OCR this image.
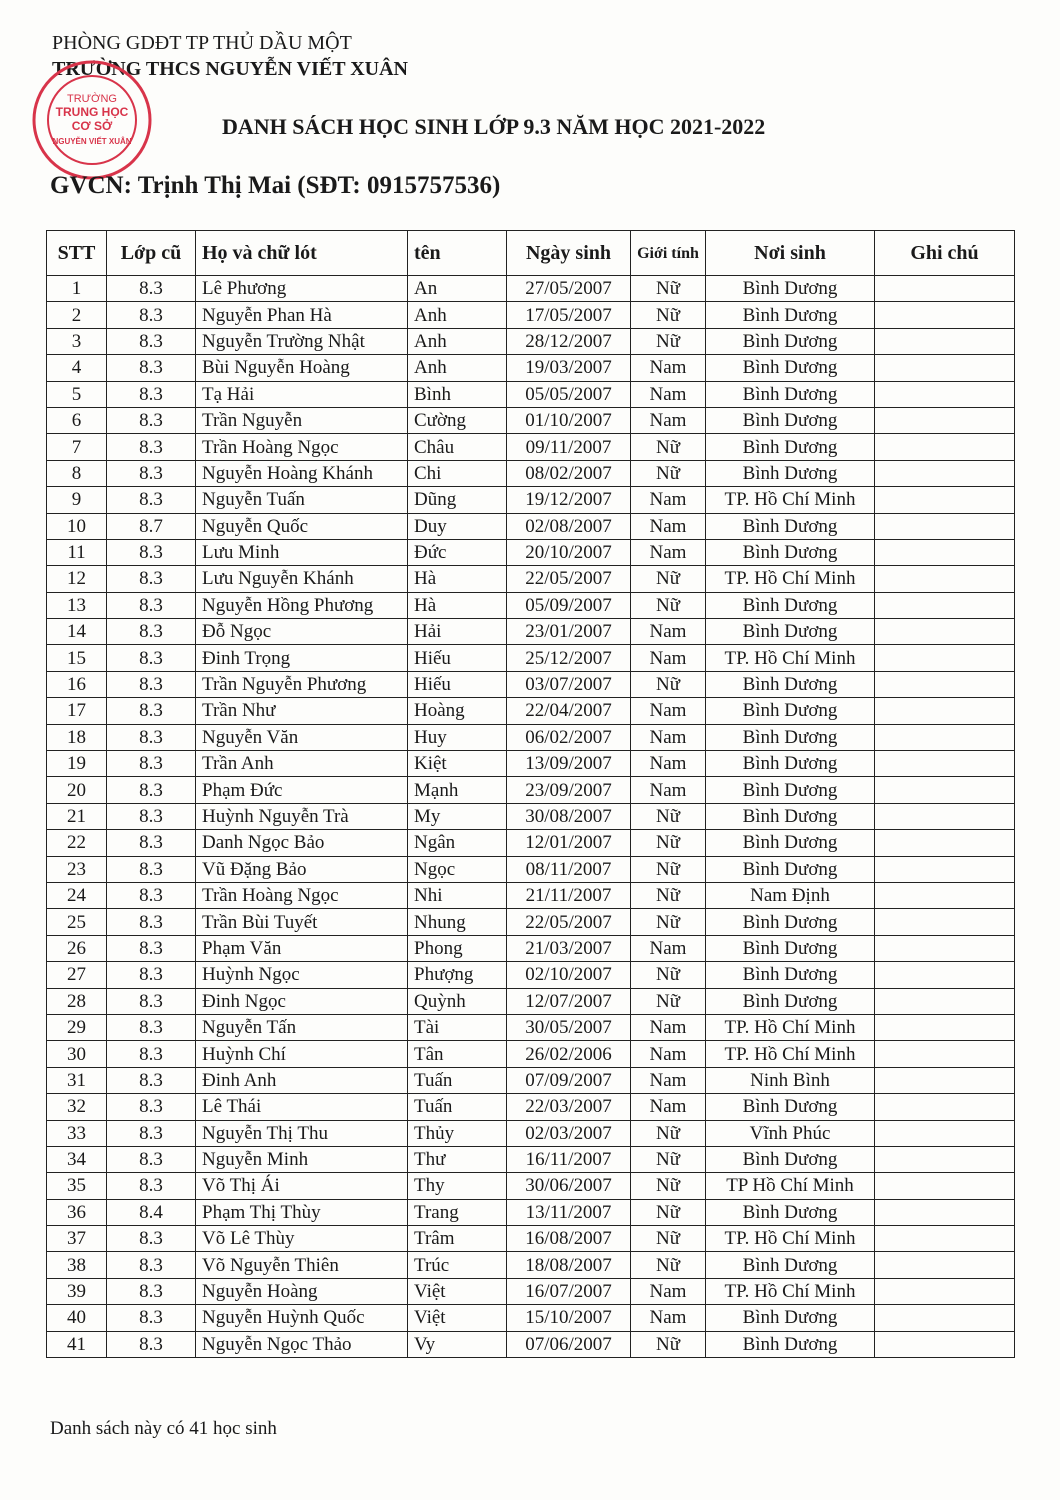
PHÒNG GDĐT TP THỦ DẦU MỘT
TRƯỜNG THCS NGUYỄN VIẾT XUÂN
TRƯỜNG
TRUNG HỌC
CƠ SỞ
NGUYỄN VIẾT XUÂN
DANH SÁCH HỌC SINH LỚP 9.3 NĂM HỌC 2021-2022
GVCN: Trịnh Thị Mai (SĐT: 0915757536)
STT	Lớp cũ	Họ và chữ lót	tên	Ngày sinh	Giới tính	Nơi sinh	Ghi chú
1	8.3	Lê Phương	An	27/05/2007	Nữ	Bình Dương	
2	8.3	Nguyễn Phan Hà	Anh	17/05/2007	Nữ	Bình Dương	
3	8.3	Nguyễn Trường Nhật	Anh	28/12/2007	Nữ	Bình Dương	
4	8.3	Bùi Nguyễn Hoàng	Anh	19/03/2007	Nam	Bình Dương	
5	8.3	Tạ Hải	Bình	05/05/2007	Nam	Bình Dương	
6	8.3	Trần Nguyễn	Cường	01/10/2007	Nam	Bình Dương	
7	8.3	Trần Hoàng Ngọc	Châu	09/11/2007	Nữ	Bình Dương	
8	8.3	Nguyễn Hoàng Khánh	Chi	08/02/2007	Nữ	Bình Dương	
9	8.3	Nguyễn Tuấn	Dũng	19/12/2007	Nam	TP. Hồ Chí Minh	
10	8.7	Nguyễn Quốc	Duy	02/08/2007	Nam	Bình Dương	
11	8.3	Lưu Minh	Đức	20/10/2007	Nam	Bình Dương	
12	8.3	Lưu Nguyễn Khánh	Hà	22/05/2007	Nữ	TP. Hồ Chí Minh	
13	8.3	Nguyễn Hồng Phương	Hà	05/09/2007	Nữ	Bình Dương	
14	8.3	Đỗ Ngọc	Hải	23/01/2007	Nam	Bình Dương	
15	8.3	Đinh Trọng	Hiếu	25/12/2007	Nam	TP. Hồ Chí Minh	
16	8.3	Trần Nguyễn Phương	Hiếu	03/07/2007	Nữ	Bình Dương	
17	8.3	Trần Như	Hoàng	22/04/2007	Nam	Bình Dương	
18	8.3	Nguyễn Văn	Huy	06/02/2007	Nam	Bình Dương	
19	8.3	Trần Anh	Kiệt	13/09/2007	Nam	Bình Dương	
20	8.3	Phạm Đức	Mạnh	23/09/2007	Nam	Bình Dương	
21	8.3	Huỳnh Nguyễn Trà	My	30/08/2007	Nữ	Bình Dương	
22	8.3	Danh Ngọc Bảo	Ngân	12/01/2007	Nữ	Bình Dương	
23	8.3	Vũ Đặng Bảo	Ngọc	08/11/2007	Nữ	Bình Dương	
24	8.3	Trần Hoàng Ngọc	Nhi	21/11/2007	Nữ	Nam Định	
25	8.3	Trần Bùi Tuyết	Nhung	22/05/2007	Nữ	Bình Dương	
26	8.3	Phạm Văn	Phong	21/03/2007	Nam	Bình Dương	
27	8.3	Huỳnh Ngọc	Phượng	02/10/2007	Nữ	Bình Dương	
28	8.3	Đinh Ngọc	Quỳnh	12/07/2007	Nữ	Bình Dương	
29	8.3	Nguyễn Tấn	Tài	30/05/2007	Nam	TP. Hồ Chí Minh	
30	8.3	Huỳnh Chí	Tân	26/02/2006	Nam	TP. Hồ Chí Minh	
31	8.3	Đinh Anh	Tuấn	07/09/2007	Nam	Ninh Bình	
32	8.3	Lê Thái	Tuấn	22/03/2007	Nam	Bình Dương	
33	8.3	Nguyễn Thị Thu	Thủy	02/03/2007	Nữ	Vĩnh Phúc	
34	8.3	Nguyễn Minh	Thư	16/11/2007	Nữ	Bình Dương	
35	8.3	Võ Thị Ái	Thy	30/06/2007	Nữ	TP Hồ Chí Minh	
36	8.4	Phạm Thị Thùy	Trang	13/11/2007	Nữ	Bình Dương	
37	8.3	Võ Lê Thùy	Trâm	16/08/2007	Nữ	TP. Hồ Chí Minh	
38	8.3	Võ Nguyễn Thiên	Trúc	18/08/2007	Nữ	Bình Dương	
39	8.3	Nguyễn Hoàng	Việt	16/07/2007	Nam	TP. Hồ Chí Minh	
40	8.3	Nguyễn Huỳnh Quốc	Việt	15/10/2007	Nam	Bình Dương	
41	8.3	Nguyễn Ngọc Thảo	Vy	07/06/2007	Nữ	Bình Dương	
Danh sách này có 41 học sinh
